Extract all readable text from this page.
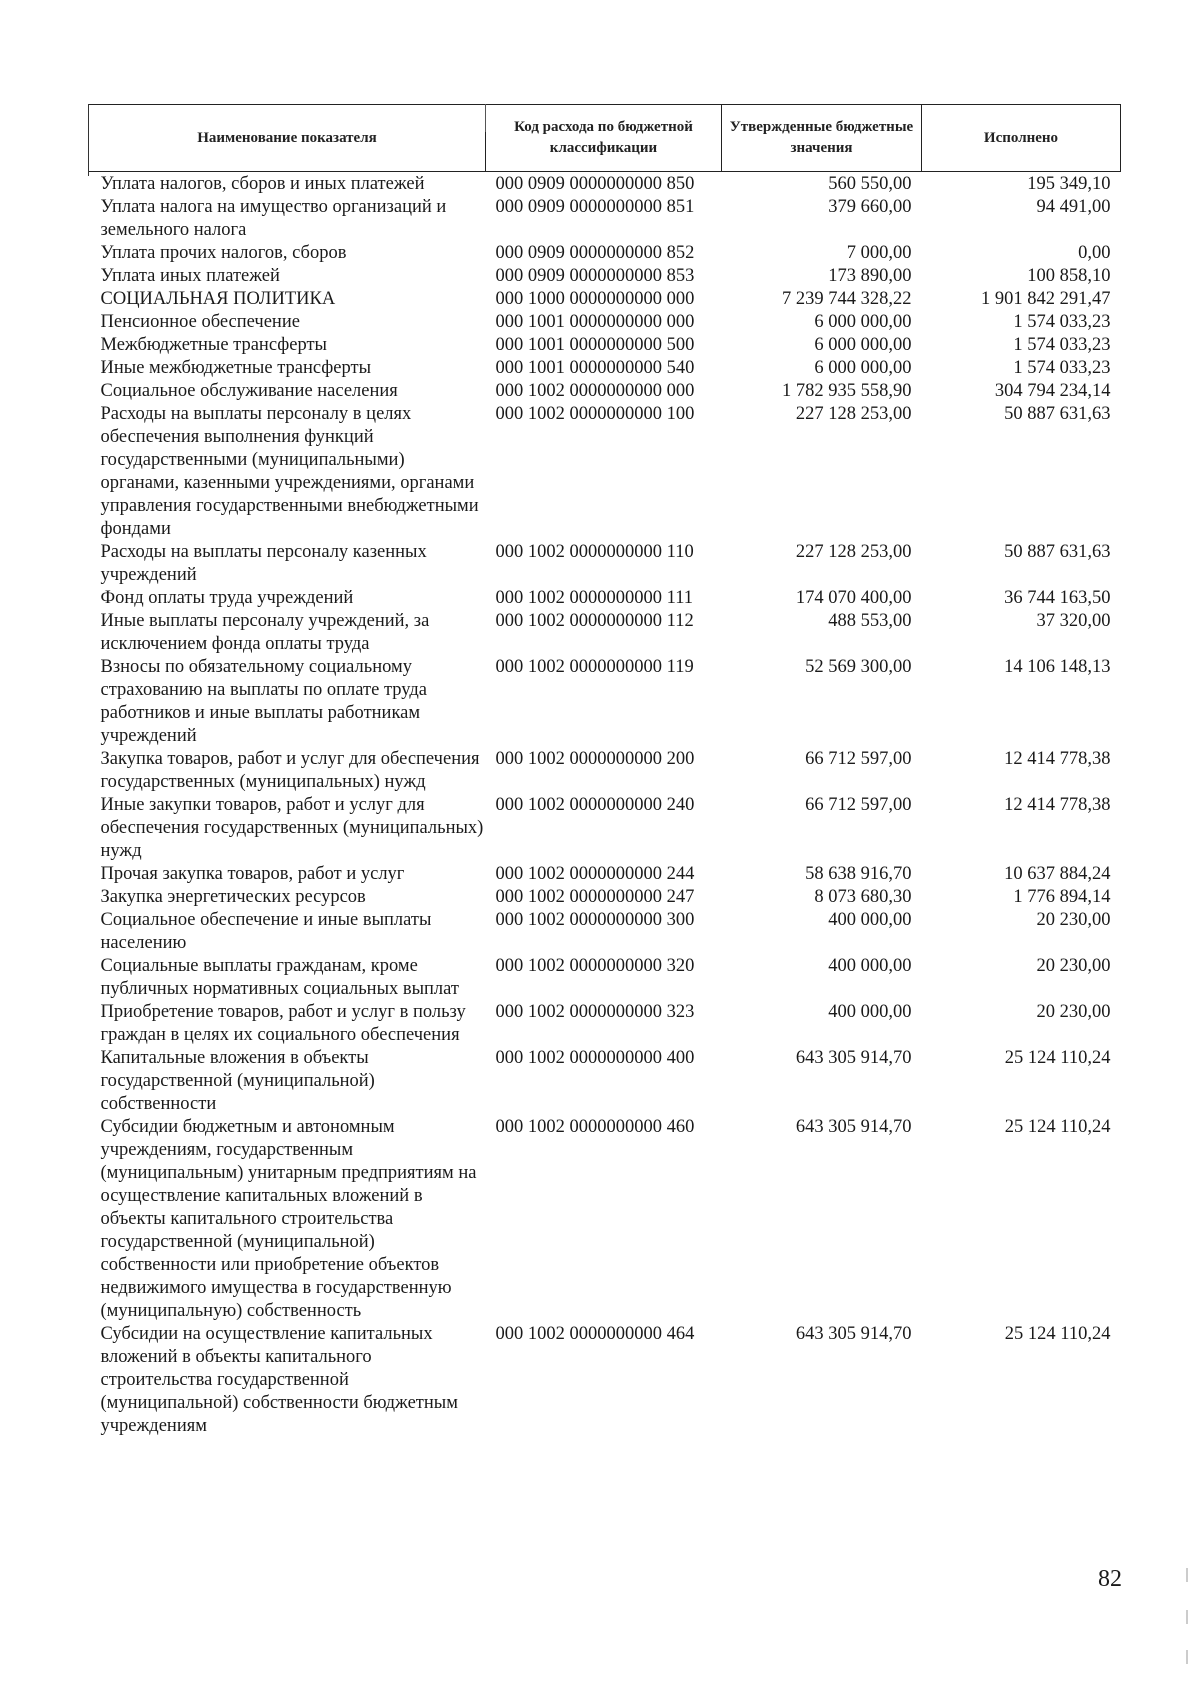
Наименование показателя	Код расхода по бюджетной классификации	Утвержденные бюджетные значения	Исполнено
Уплата налогов, сборов и иных платежей	000 0909 0000000000 850	560 550,00	195 349,10
Уплата налога на имущество организаций и земельного налога	000 0909 0000000000 851	379 660,00	94 491,00
Уплата прочих налогов, сборов	000 0909 0000000000 852	7 000,00	0,00
Уплата иных платежей	000 0909 0000000000 853	173 890,00	100 858,10
СОЦИАЛЬНАЯ ПОЛИТИКА	000 1000 0000000000 000	7 239 744 328,22	1 901 842 291,47
Пенсионное обеспечение	000 1001 0000000000 000	6 000 000,00	1 574 033,23
Межбюджетные трансферты	000 1001 0000000000 500	6 000 000,00	1 574 033,23
Иные межбюджетные трансферты	000 1001 0000000000 540	6 000 000,00	1 574 033,23
Социальное обслуживание населения	000 1002 0000000000 000	1 782 935 558,90	304 794 234,14
Расходы на выплаты персоналу в целях обеспечения выполнения функций государственными (муниципальными) органами, казенными учреждениями, органами управления государственными внебюджетными фондами	000 1002 0000000000 100	227 128 253,00	50 887 631,63
Расходы на выплаты персоналу казенных учреждений	000 1002 0000000000 110	227 128 253,00	50 887 631,63
Фонд оплаты труда учреждений	000 1002 0000000000 111	174 070 400,00	36 744 163,50
Иные выплаты персоналу учреждений, за исключением фонда оплаты труда	000 1002 0000000000 112	488 553,00	37 320,00
Взносы по обязательному социальному страхованию на выплаты по оплате труда работников и иные выплаты работникам учреждений	000 1002 0000000000 119	52 569 300,00	14 106 148,13
Закупка товаров, работ и услуг для обеспечения государственных (муниципальных) нужд	000 1002 0000000000 200	66 712 597,00	12 414 778,38
Иные закупки товаров, работ и услуг для обеспечения государственных (муниципальных) нужд	000 1002 0000000000 240	66 712 597,00	12 414 778,38
Прочая закупка товаров, работ и услуг	000 1002 0000000000 244	58 638 916,70	10 637 884,24
Закупка энергетических ресурсов	000 1002 0000000000 247	8 073 680,30	1 776 894,14
Социальное обеспечение и иные выплаты населению	000 1002 0000000000 300	400 000,00	20 230,00
Социальные выплаты гражданам, кроме публичных нормативных социальных выплат	000 1002 0000000000 320	400 000,00	20 230,00
Приобретение товаров, работ и услуг в пользу граждан в целях их социального обеспечения	000 1002 0000000000 323	400 000,00	20 230,00
Капитальные вложения в объекты государственной (муниципальной) собственности	000 1002 0000000000 400	643 305 914,70	25 124 110,24
Субсидии бюджетным и автономным учреждениям, государственным (муниципальным) унитарным предприятиям на осуществление капитальных вложений в объекты капитального строительства государственной (муниципальной) собственности или приобретение объектов недвижимого имущества в государственную (муниципальную) собственность	000 1002 0000000000 460	643 305 914,70	25 124 110,24
Субсидии на осуществление капитальных вложений в объекты капитального строительства государственной (муниципальной) собственности бюджетным учреждениям	000 1002 0000000000 464	643 305 914,70	25 124 110,24
82
